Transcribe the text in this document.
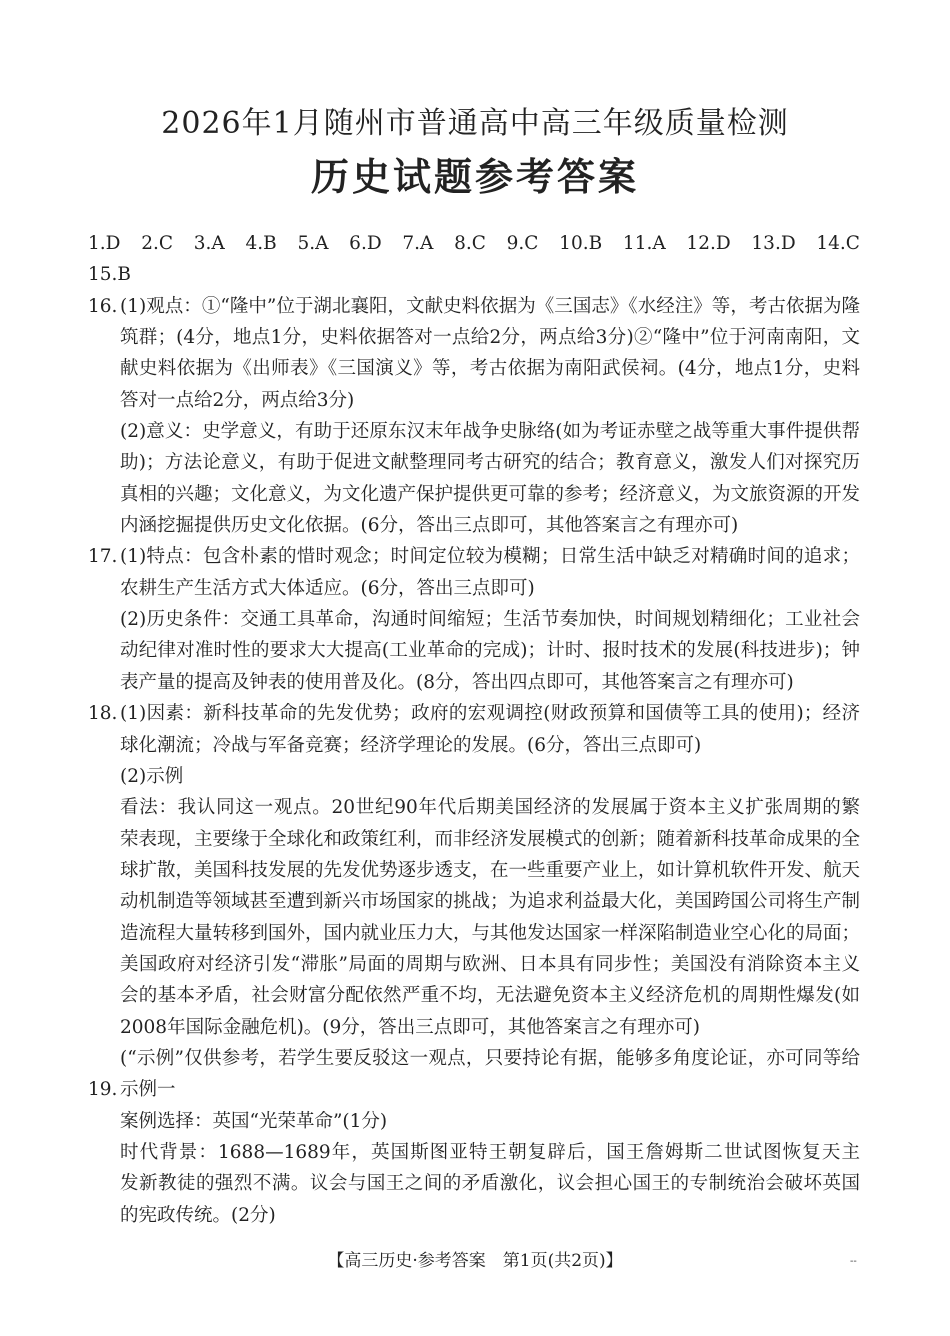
2026年1月随州市普通高中高三年级质量检测
历史试题参考答案
1.D 2.C 3.A 4.B 5.A 6.D 7.A 8.C 9.C 10.B 11.A 12.D 13.D 14.C
15.B
16. (1)观点：①“隆中”位于湖北襄阳，文献史料依据为《三国志》《水经注》等，考古依据为隆
筑群；(4分，地点1分，史料依据答对一点给2分，两点给3分)②“隆中”位于河南南阳，文
献史料依据为《出师表》《三国演义》等，考古依据为南阳武侯祠。(4分，地点1分，史料
答对一点给2分，两点给3分)
(2)意义：史学意义，有助于还原东汉末年战争史脉络(如为考证赤壁之战等重大事件提供帮
助)；方法论意义，有助于促进文献整理同考古研究的结合；教育意义，激发人们对探究历
真相的兴趣；文化意义，为文化遗产保护提供更可靠的参考；经济意义，为文旅资源的开发
内涵挖掘提供历史文化依据。(6分，答出三点即可，其他答案言之有理亦可)
17. (1)特点：包含朴素的惜时观念；时间定位较为模糊；日常生活中缺乏对精确时间的追求；
农耕生产生活方式大体适应。(6分，答出三点即可)
(2)历史条件：交通工具革命，沟通时间缩短；生活节奏加快，时间规划精细化；工业社会
动纪律对准时性的要求大大提高(工业革命的完成)；计时、报时技术的发展(科技进步)；钟
表产量的提高及钟表的使用普及化。(8分，答出四点即可，其他答案言之有理亦可)
18. (1)因素：新科技革命的先发优势；政府的宏观调控(财政预算和国债等工具的使用)；经济
球化潮流；冷战与军备竞赛；经济学理论的发展。(6分，答出三点即可)
(2)示例
看法：我认同这一观点。20世纪90年代后期美国经济的发展属于资本主义扩张周期的繁
荣表现，主要缘于全球化和政策红利，而非经济发展模式的创新；随着新科技革命成果的全
球扩散，美国科技发展的先发优势逐步透支，在一些重要产业上，如计算机软件开发、航天
动机制造等领域甚至遭到新兴市场国家的挑战；为追求利益最大化，美国跨国公司将生产制
造流程大量转移到国外，国内就业压力大，与其他发达国家一样深陷制造业空心化的局面；
美国政府对经济引发“滞胀”局面的周期与欧洲、日本具有同步性；美国没有消除资本主义
会的基本矛盾，社会财富分配依然严重不均，无法避免资本主义经济危机的周期性爆发(如
2008年国际金融危机)。(9分，答出三点即可，其他答案言之有理亦可)
(“示例”仅供参考，若学生要反驳这一观点，只要持论有据，能够多角度论证，亦可同等给
19. 示例一
案例选择：英国“光荣革命”(1分)
时代背景：1688—1689年，英国斯图亚特王朝复辟后，国王詹姆斯二世试图恢复天主
发新教徒的强烈不满。议会与国王之间的矛盾激化，议会担心国王的专制统治会破坏英国
的宪政传统。(2分)
【高三历史·参考答案　第1页(共2页)】	--
